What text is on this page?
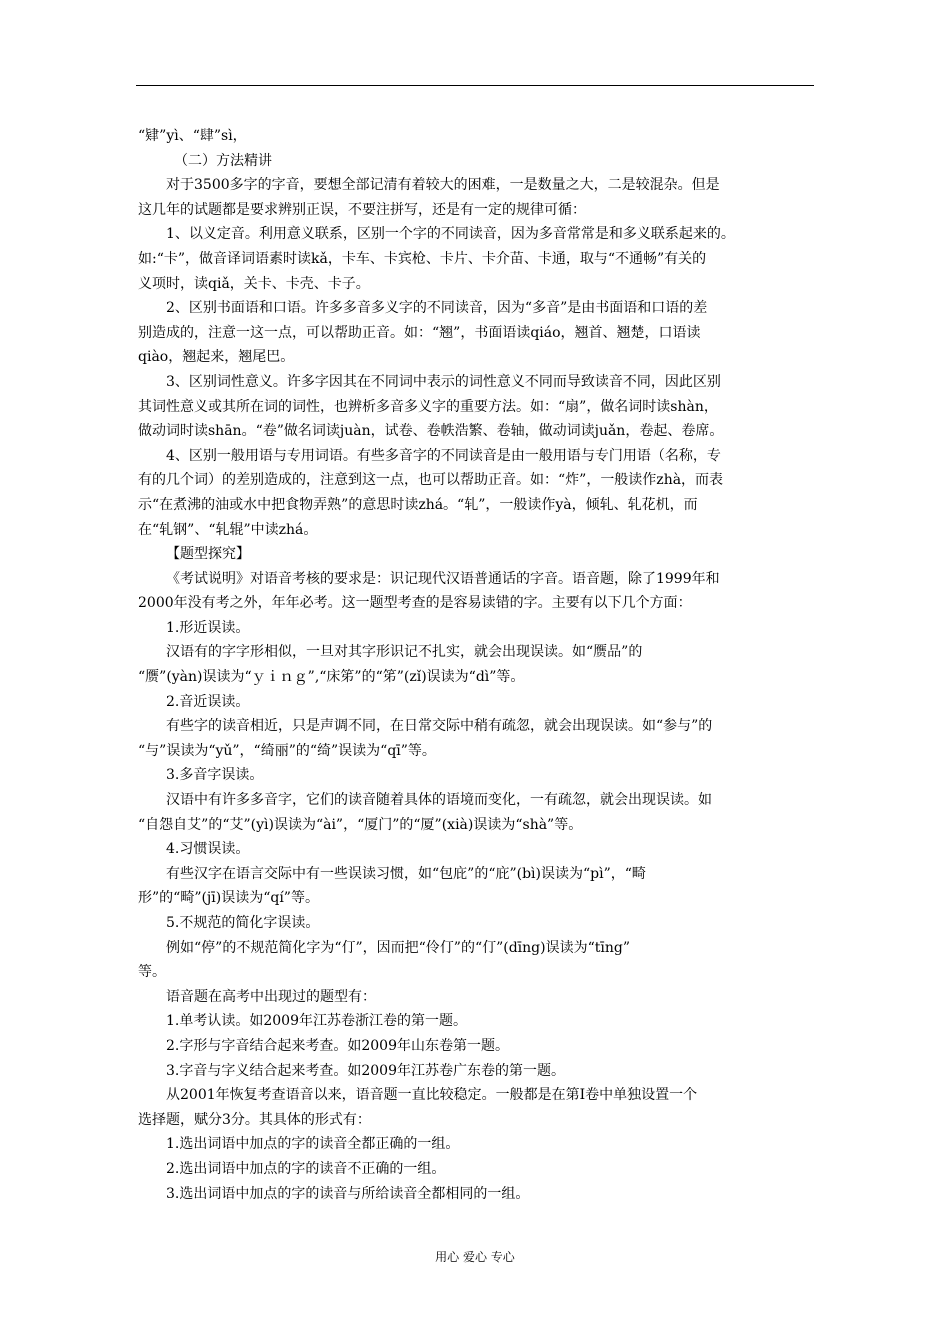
“肄”yì、“肆”sì，
（二）方法精讲
对于3500多字的字音，要想全部记清有着较大的困难，一是数量之大，二是较混杂。但是
这几年的试题都是要求辨别正误，不要注拼写，还是有一定的规律可循：
1、以义定音。利用意义联系，区别一个字的不同读音，因为多音常常是和多义联系起来的。
如:“卡”，做音译词语素时读kǎ，卡车、卡宾枪、卡片、卡介苗、卡通，取与“不通畅”有关的
义项时，读qiǎ，关卡、卡壳、卡子。
2、区别书面语和口语。许多多音多义字的不同读音，因为“多音”是由书面语和口语的差
别造成的，注意一这一点，可以帮助正音。如：“翘”，书面语读qiáo，翘首、翘楚，口语读
qiào，翘起来，翘尾巴。
3、区别词性意义。许多字因其在不同词中表示的词性意义不同而导致读音不同，因此区别
其词性意义或其所在词的词性，也辨析多音多义字的重要方法。如：“扇”，做名词时读shàn，
做动词时读shān。“卷”做名词读juàn，试卷、卷帙浩繁、卷轴，做动词读juǎn，卷起、卷席。
4、区别一般用语与专用词语。有些多音字的不同读音是由一般用语与专门用语（名称，专
有的几个词）的差别造成的，注意到这一点，也可以帮助正音。如：“炸”，一般读作zhà，而表
示“在煮沸的油或水中把食物弄熟”的意思时读zhá。“轧”，一般读作yà，倾轧、轧花机，而
在“轧钢”、“轧辊”中读zhá。
【题型探究】
《考试说明》对语音考核的要求是：识记现代汉语普通话的字音。语音题，除了1999年和
2000年没有考之外，年年必考。这一题型考查的是容易读错的字。主要有以下几个方面：
1.形近误读。
汉语有的字字形相似，一旦对其字形识记不扎实，就会出现误读。如“赝品”的
“赝”(yàn)误读为“ｙｉｎｇ”,“床笫”的“笫”(zǐ)误读为“dì”等。
2.音近误读。
有些字的读音相近，只是声调不同，在日常交际中稍有疏忽，就会出现误读。如“参与”的
“与”误读为“yǔ”，“绮丽”的“绮”误读为“qī”等。
3.多音字误读。
汉语中有许多多音字，它们的读音随着具体的语境而变化，一有疏忽，就会出现误读。如
“自怨自艾”的“艾”(yì)误读为“ài”，“厦门”的“厦”(xià)误读为“shà”等。
4.习惯误读。
有些汉字在语言交际中有一些误读习惯，如“包庇”的“庇”(bì)误读为“pì”，“畸
形”的“畸”(jī)误读为“qí”等。
5.不规范的简化字误读。
例如“停”的不规范简化字为“仃”，因而把“伶仃”的“仃”(dīng)误读为“tīng”
等。
语音题在高考中出现过的题型有：
1.单考认读。如2009年江苏卷浙江卷的第一题。
2.字形与字音结合起来考查。如2009年山东卷第一题。
3.字音与字义结合起来考查。如2009年江苏卷广东卷的第一题。
从2001年恢复考查语音以来，语音题一直比较稳定。一般都是在第Ⅰ卷中单独设置一个
选择题，赋分3分。其具体的形式有：
1.选出词语中加点的字的读音全都正确的一组。
2.选出词语中加点的字的读音不正确的一组。
3.选出词语中加点的字的读音与所给读音全都相同的一组。
用心 爱心 专心
